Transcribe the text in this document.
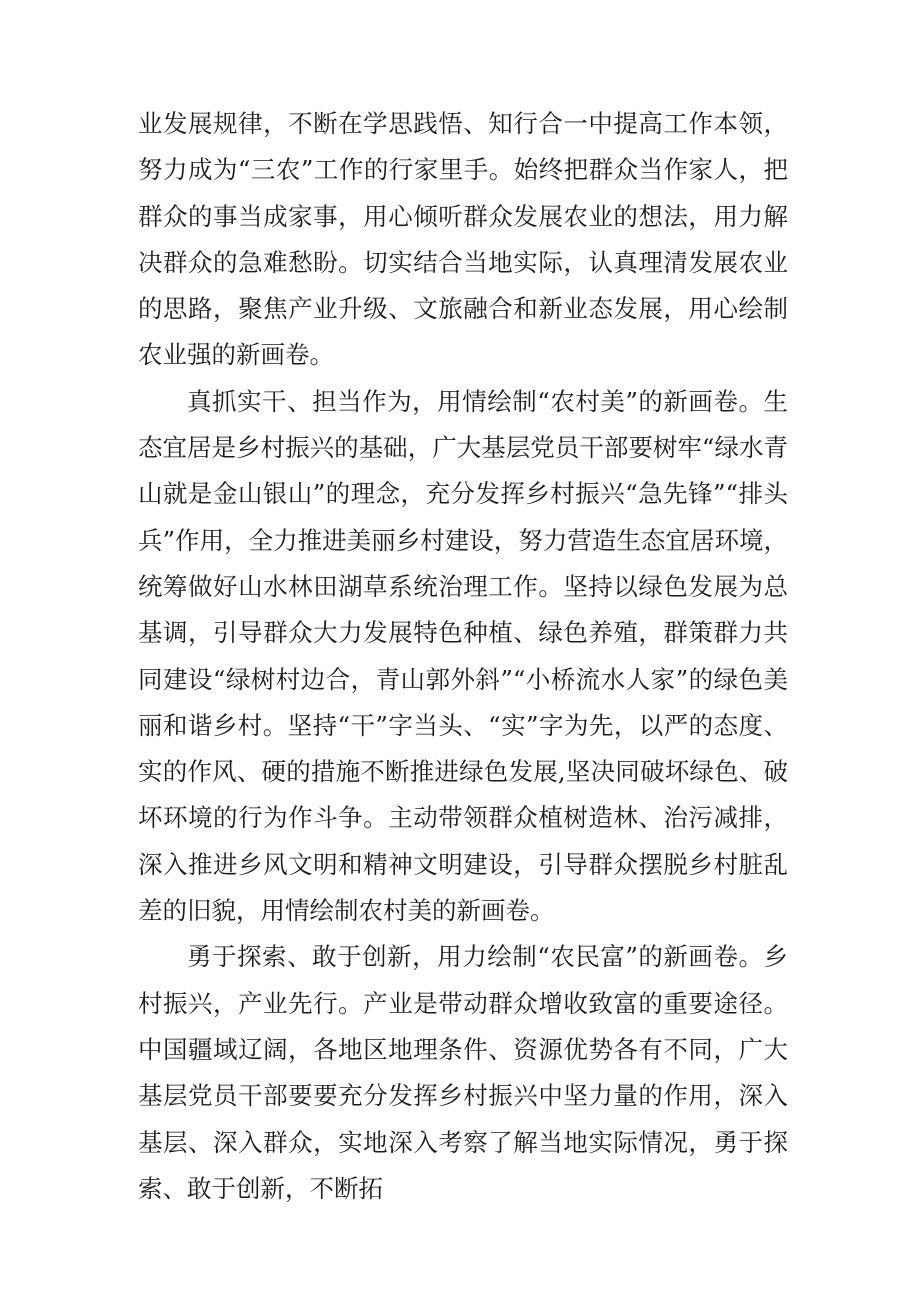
业发展规律，不断在学思践悟、知行合一中提高工作本领，努力成为“三农”工作的行家里手。始终把群众当作家人，把群众的事当成家事，用心倾听群众发展农业的想法，用力解决群众的急难愁盼。切实结合当地实际，认真理清发展农业的思路，聚焦产业升级、文旅融合和新业态发展，用心绘制农业强的新画卷。

真抓实干、担当作为，用情绘制“农村美”的新画卷。生态宜居是乡村振兴的基础，广大基层党员干部要树牢“绿水青山就是金山银山”的理念，充分发挥乡村振兴“急先锋”“排头兵”作用，全力推进美丽乡村建设，努力营造生态宜居环境，统筹做好山水林田湖草系统治理工作。坚持以绿色发展为总基调，引导群众大力发展特色种植、绿色养殖，群策群力共同建设“绿树村边合，青山郭外斜”“小桥流水人家”的绿色美丽和谐乡村。坚持“干”字当头、“实”字为先，以严的态度、实的作风、硬的措施不断推进绿色发展,坚决同破坏绿色、破坏环境的行为作斗争。主动带领群众植树造林、治污减排，深入推进乡风文明和精神文明建设，引导群众摆脱乡村脏乱差的旧貌，用情绘制农村美的新画卷。

勇于探索、敢于创新，用力绘制“农民富”的新画卷。乡村振兴，产业先行。产业是带动群众增收致富的重要途径。中国疆域辽阔，各地区地理条件、资源优势各有不同，广大基层党员干部要要充分发挥乡村振兴中坚力量的作用，深入基层、深入群众，实地深入考察了解当地实际情况，勇于探索、敢于创新，不断拓
